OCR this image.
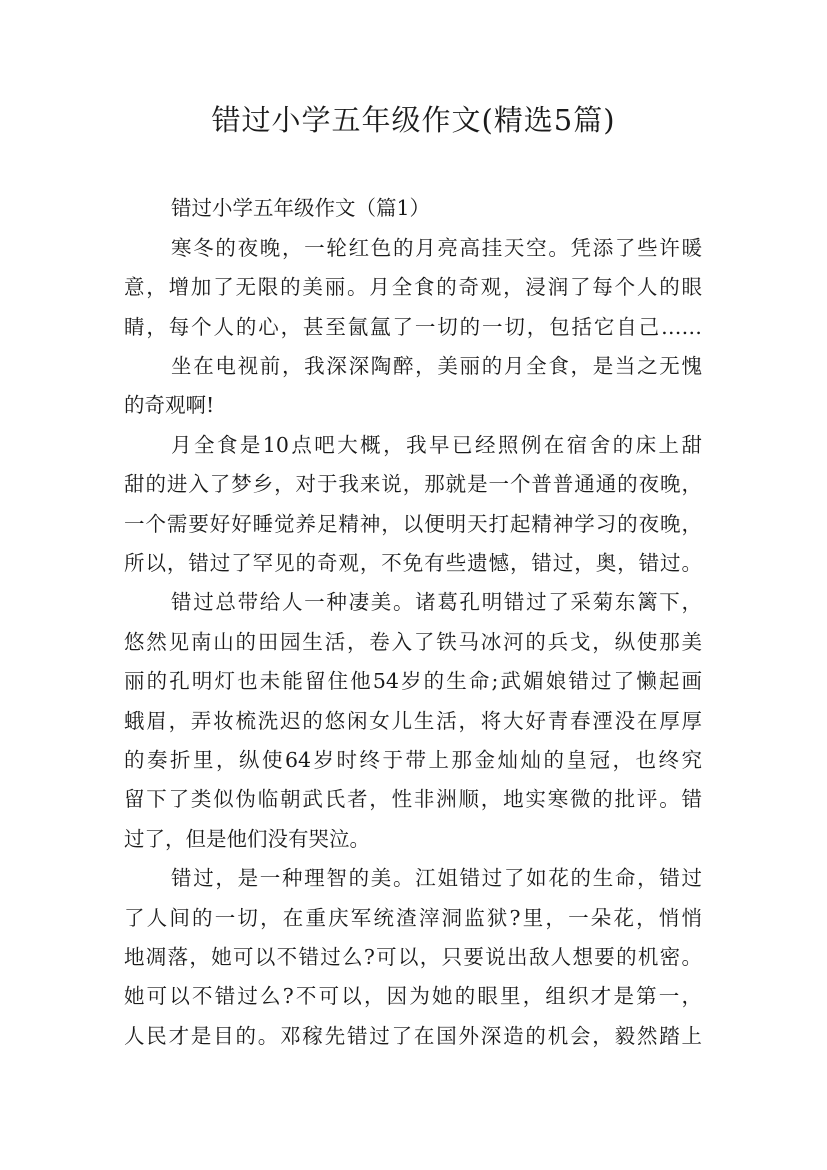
错过小学五年级作文(精选5篇)
错过小学五年级作文（篇1）
寒冬的夜晚，一轮红色的月亮高挂天空。凭添了些许暖
意，增加了无限的美丽。月全食的奇观，浸润了每个人的眼
睛，每个人的心，甚至氤氲了一切的一切，包括它自己……
坐在电视前，我深深陶醉，美丽的月全食，是当之无愧
的奇观啊!
月全食是10点吧大概，我早已经照例在宿舍的床上甜
甜的进入了梦乡，对于我来说，那就是一个普普通通的夜晚，
一个需要好好睡觉养足精神，以便明天打起精神学习的夜晚，
所以，错过了罕见的奇观，不免有些遗憾，错过，奥，错过。
错过总带给人一种凄美。诸葛孔明错过了采菊东篱下，
悠然见南山的田园生活，卷入了铁马冰河的兵戈，纵使那美
丽的孔明灯也未能留住他54岁的生命;武媚娘错过了懒起画
蛾眉，弄妆梳洗迟的悠闲女儿生活，将大好青春湮没在厚厚
的奏折里，纵使64岁时终于带上那金灿灿的皇冠，也终究
留下了类似伪临朝武氏者，性非洲顺，地实寒微的批评。错
过了，但是他们没有哭泣。
错过，是一种理智的美。江姐错过了如花的生命，错过
了人间的一切，在重庆军统渣滓洞监狱?里，一朵花，悄悄
地凋落，她可以不错过么?可以，只要说出敌人想要的机密。
她可以不错过么?不可以，因为她的眼里，组织才是第一，
人民才是目的。邓稼先错过了在国外深造的机会，毅然踏上
